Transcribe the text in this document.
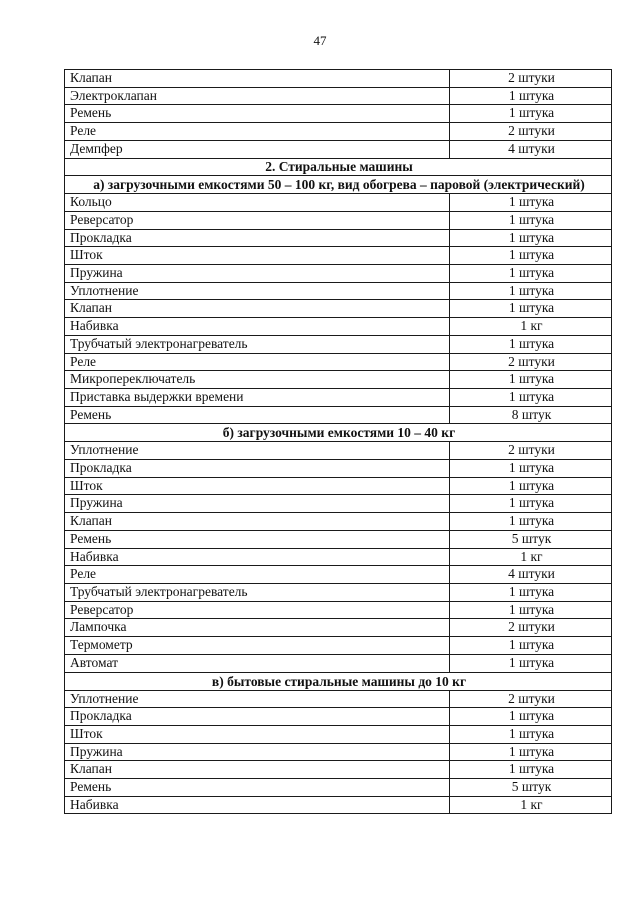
47
Клапан	2 штуки
Электроклапан	1 штука
Ремень	1 штука
Реле	2 штуки
Демпфер	4 штуки
2. Стиральные машины	
а) загрузочными емкостями 50 – 100 кг, вид обогрева – паровой (электрический)	
Кольцо	1 штука
Реверсатор	1 штука
Прокладка	1 штука
Шток	1 штука
Пружина	1 штука
Уплотнение	1 штука
Клапан	1 штука
Набивка	1 кг
Трубчатый электронагреватель	1 штука
Реле	2 штуки
Микропереключатель	1 штука
Приставка выдержки времени	1 штука
Ремень	8 штук
б) загрузочными емкостями 10 – 40 кг	
Уплотнение	2 штуки
Прокладка	1 штука
Шток	1 штука
Пружина	1 штука
Клапан	1 штука
Ремень	5 штук
Набивка	1 кг
Реле	4 штуки
Трубчатый электронагреватель	1 штука
Реверсатор	1 штука
Лампочка	2 штуки
Термометр	1 штука
Автомат	1 штука
в) бытовые стиральные машины до 10 кг	
Уплотнение	2 штуки
Прокладка	1 штука
Шток	1 штука
Пружина	1 штука
Клапан	1 штука
Ремень	5 штук
Набивка	1 кг
